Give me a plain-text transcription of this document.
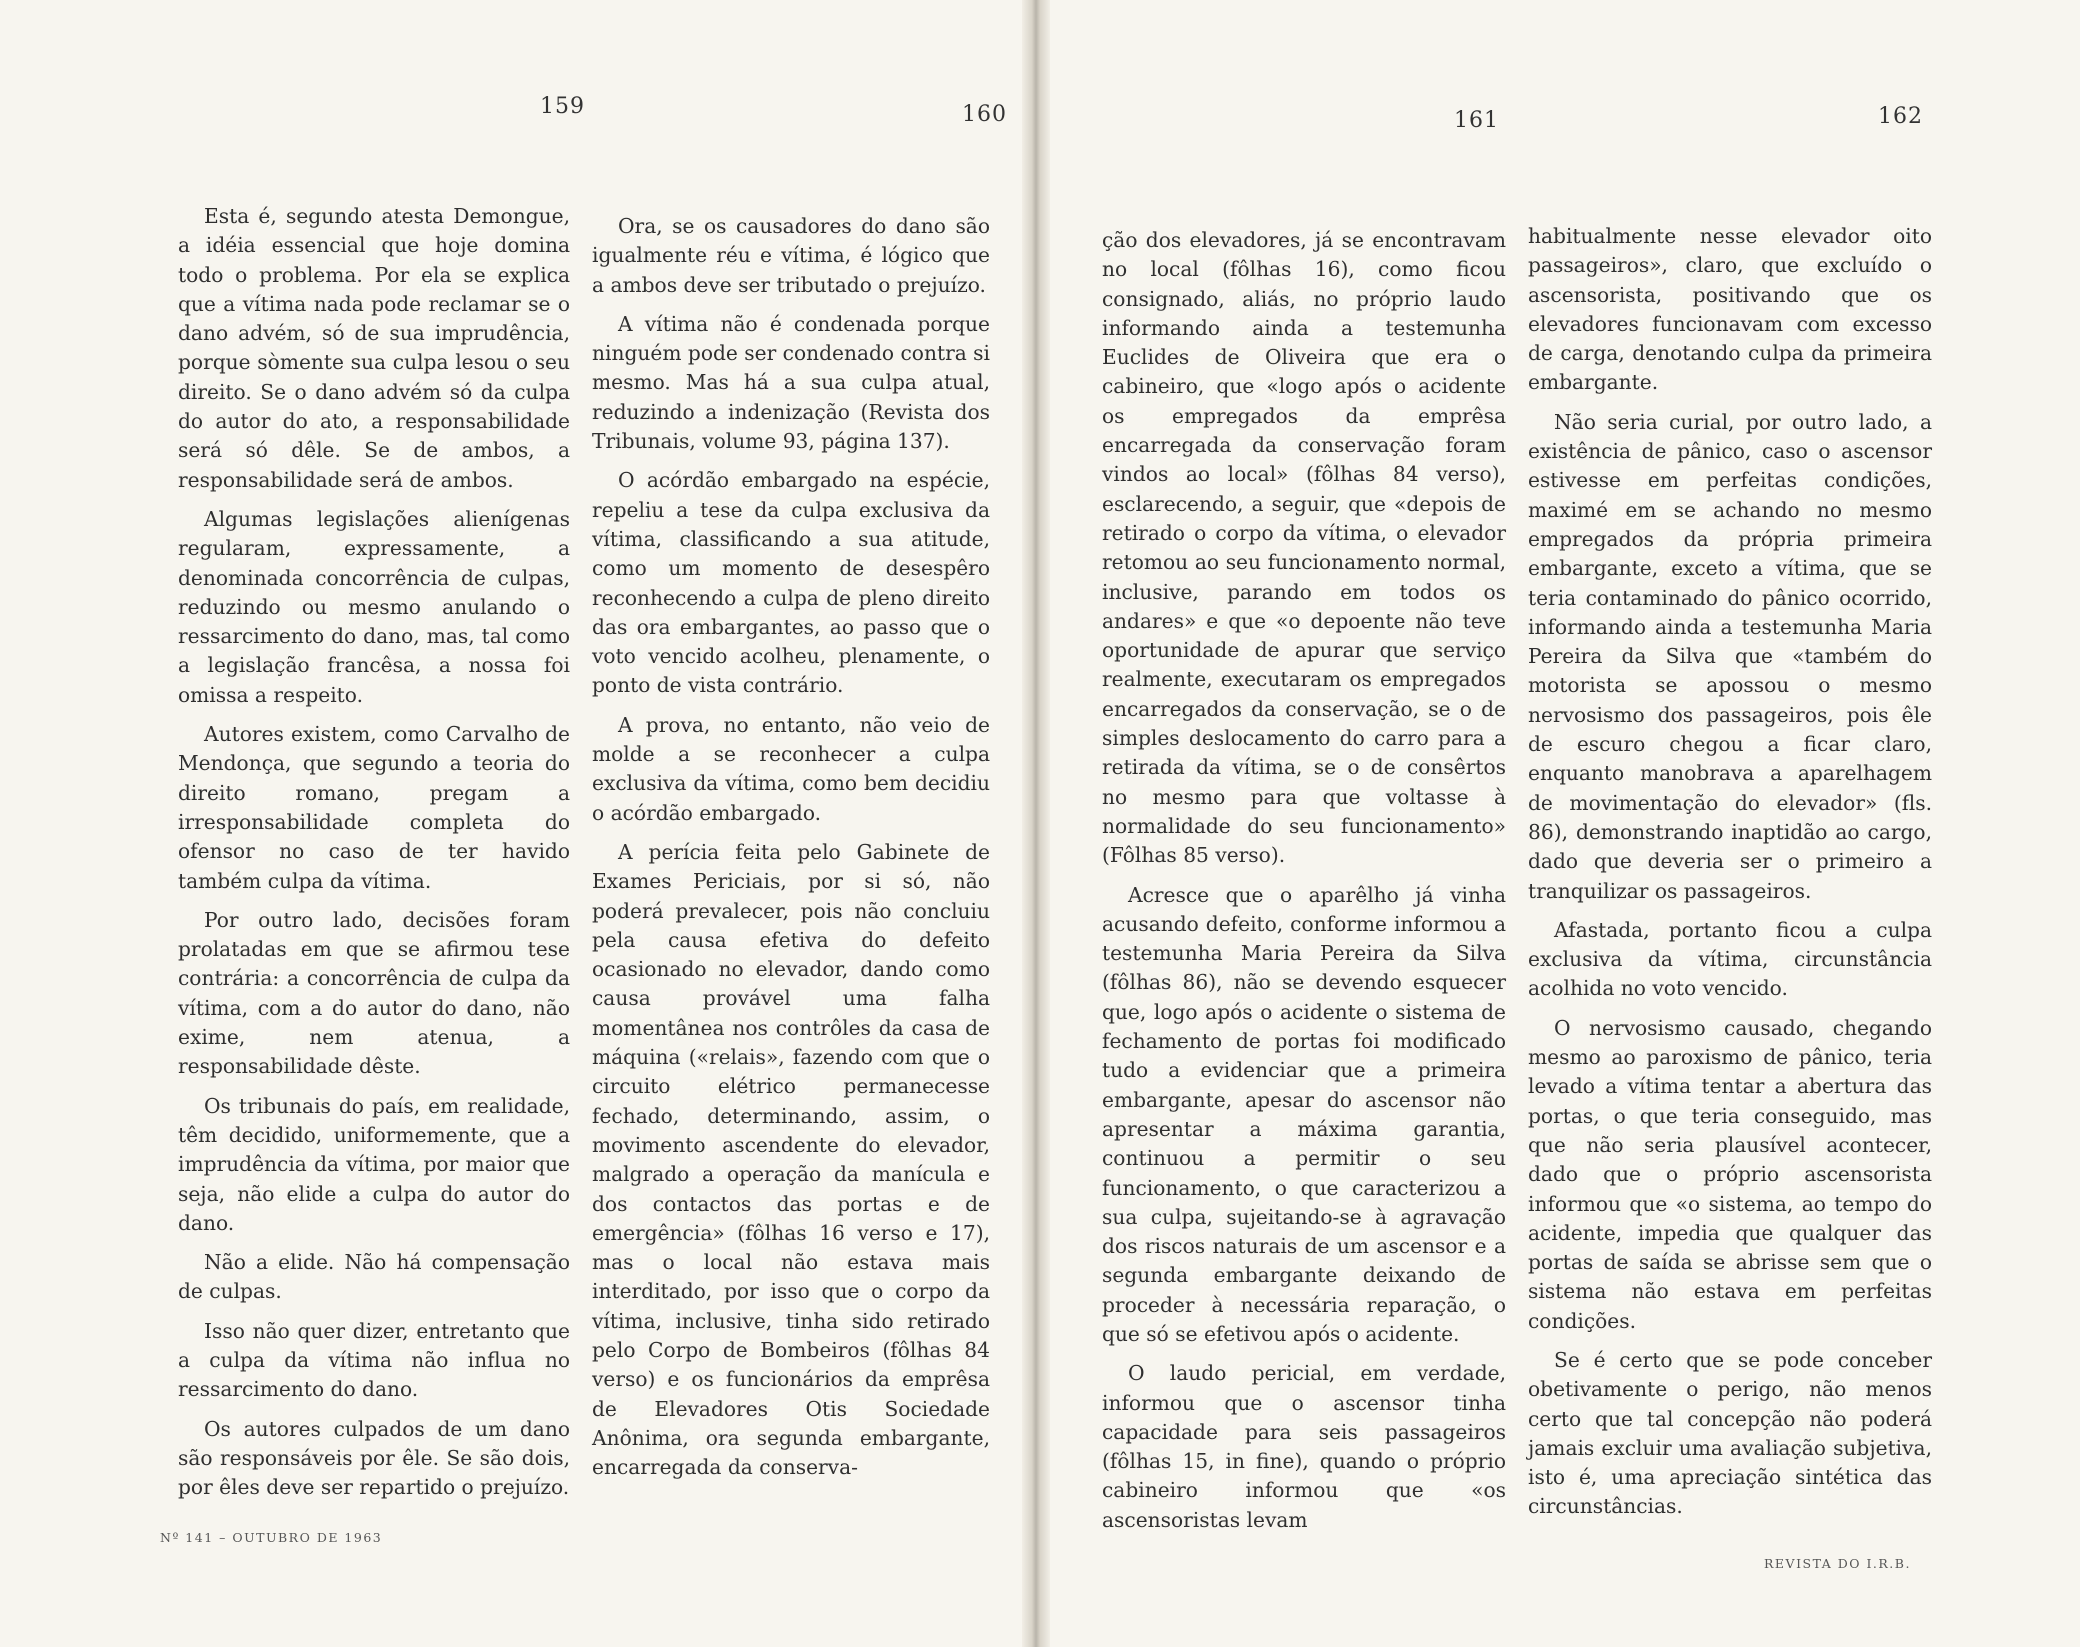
159

Esta é, segundo atesta Demongue, a idéia essencial que hoje domina todo o problema. Por ela se explica que a vítima nada pode reclamar se o dano advém, só de sua imprudência, porque sòmente sua culpa lesou o seu direito. Se o dano advém só da culpa do autor do ato, a responsabilidade será só dêle. Se de ambos, a responsabilidade será de ambos.

Algumas legislações alienígenas regularam, expressamente, a denominada concorrência de culpas, reduzindo ou mesmo anulando o ressarcimento do dano, mas, tal como a legislação francêsa, a nossa foi omissa a respeito.

Autores existem, como Carvalho de Mendonça, que segundo a teoria do direito romano, pregam a irresponsabilidade completa do ofensor no caso de ter havido também culpa da vítima.

Por outro lado, decisões foram prolatadas em que se afirmou tese contrária: a concorrência de culpa da vítima, com a do autor do dano, não exime, nem atenua, a responsabilidade dêste.

Os tribunais do país, em realidade, têm decidido, uniformemente, que a imprudência da vítima, por maior que seja, não elide a culpa do autor do dano.

Não a elide. Não há compensação de culpas.

Isso não quer dizer, entretanto que a culpa da vítima não influa no ressarcimento do dano.

Os autores culpados de um dano são responsáveis por êle. Se são dois, por êles deve ser repartido o prejuízo.

160

Ora, se os causadores do dano são igualmente réu e vítima, é lógico que a ambos deve ser tributado o prejuízo.

A vítima não é condenada porque ninguém pode ser condenado contra si mesmo. Mas há a sua culpa atual, reduzindo a indenização (Revista dos Tribunais, volume 93, página 137).

O acórdão embargado na espécie, repeliu a tese da culpa exclusiva da vítima, classificando a sua atitude, como um momento de desespêro reconhecendo a culpa de pleno direito das ora embargantes, ao passo que o voto vencido acolheu, plenamente, o ponto de vista contrário.

A prova, no entanto, não veio de molde a se reconhecer a culpa exclusiva da vítima, como bem decidiu o acórdão embargado.

A perícia feita pelo Gabinete de Exames Periciais, por si só, não poderá prevalecer, pois não concluiu pela causa efetiva do defeito ocasionado no elevador, dando como causa provável uma falha momentânea nos contrôles da casa de máquina («relais», fazendo com que o circuito elétrico permanecesse fechado, determinando, assim, o movimento ascendente do elevador, malgrado a operação da manícula e dos contactos das portas e de emergência» (fôlhas 16 verso e 17), mas o local não estava mais interditado, por isso que o corpo da vítima, inclusive, tinha sido retirado pelo Corpo de Bombeiros (fôlhas 84 verso) e os funcionários da emprêsa de Elevadores Otis Sociedade Anônima, ora segunda embargante, encarregada da conserva-

161

ção dos elevadores, já se encontravam no local (fôlhas 16), como ficou consignado, aliás, no próprio laudo informando ainda a testemunha Euclides de Oliveira que era o cabineiro, que «logo após o acidente os empregados da emprêsa encarregada da conservação foram vindos ao local» (fôlhas 84 verso), esclarecendo, a seguir, que «depois de retirado o corpo da vítima, o elevador retomou ao seu funcionamento normal, inclusive, parando em todos os andares» e que «o depoente não teve oportunidade de apurar que serviço realmente, executaram os empregados encarregados da conservação, se o de simples deslocamento do carro para a retirada da vítima, se o de consêrtos no mesmo para que voltasse à normalidade do seu funcionamento» (Fôlhas 85 verso).

Acresce que o aparêlho já vinha acusando defeito, conforme informou a testemunha Maria Pereira da Silva (fôlhas 86), não se devendo esquecer que, logo após o acidente o sistema de fechamento de portas foi modificado tudo a evidenciar que a primeira embargante, apesar do ascensor não apresentar a máxima garantia, continuou a permitir o seu funcionamento, o que caracterizou a sua culpa, sujeitando-se à agravação dos riscos naturais de um ascensor e a segunda embargante deixando de proceder à necessária reparação, o que só se efetivou após o acidente.

O laudo pericial, em verdade, informou que o ascensor tinha capacidade para seis passageiros (fôlhas 15, in fine), quando o próprio cabineiro informou que «os ascensoristas levam

162

habitualmente nesse elevador oito passageiros», claro, que excluído o ascensorista, positivando que os elevadores funcionavam com excesso de carga, denotando culpa da primeira embargante.

Não seria curial, por outro lado, a existência de pânico, caso o ascensor estivesse em perfeitas condições, maximé em se achando no mesmo empregados da própria primeira embargante, exceto a vítima, que se teria contaminado do pânico ocorrido, informando ainda a testemunha Maria Pereira da Silva que «também do motorista se apossou o mesmo nervosismo dos passageiros, pois êle de escuro chegou a ficar claro, enquanto manobrava a aparelhagem de movimentação do elevador» (fls. 86), demonstrando inaptidão ao cargo, dado que deveria ser o primeiro a tranquilizar os passageiros.

Afastada, portanto ficou a culpa exclusiva da vítima, circunstância acolhida no voto vencido.

O nervosismo causado, chegando mesmo ao paroxismo de pânico, teria levado a vítima tentar a abertura das portas, o que teria conseguido, mas que não seria plausível acontecer, dado que o próprio ascensorista informou que «o sistema, ao tempo do acidente, impedia que qualquer das portas de saída se abrisse sem que o sistema não estava em perfeitas condições.

Se é certo que se pode conceber obetivamente o perigo, não menos certo que tal concepção não poderá jamais excluir uma avaliação subjetiva, isto é, uma apreciação sintética das circunstâncias.

Nº 141 – OUTUBRO DE 1963
REVISTA DO I.R.B.
